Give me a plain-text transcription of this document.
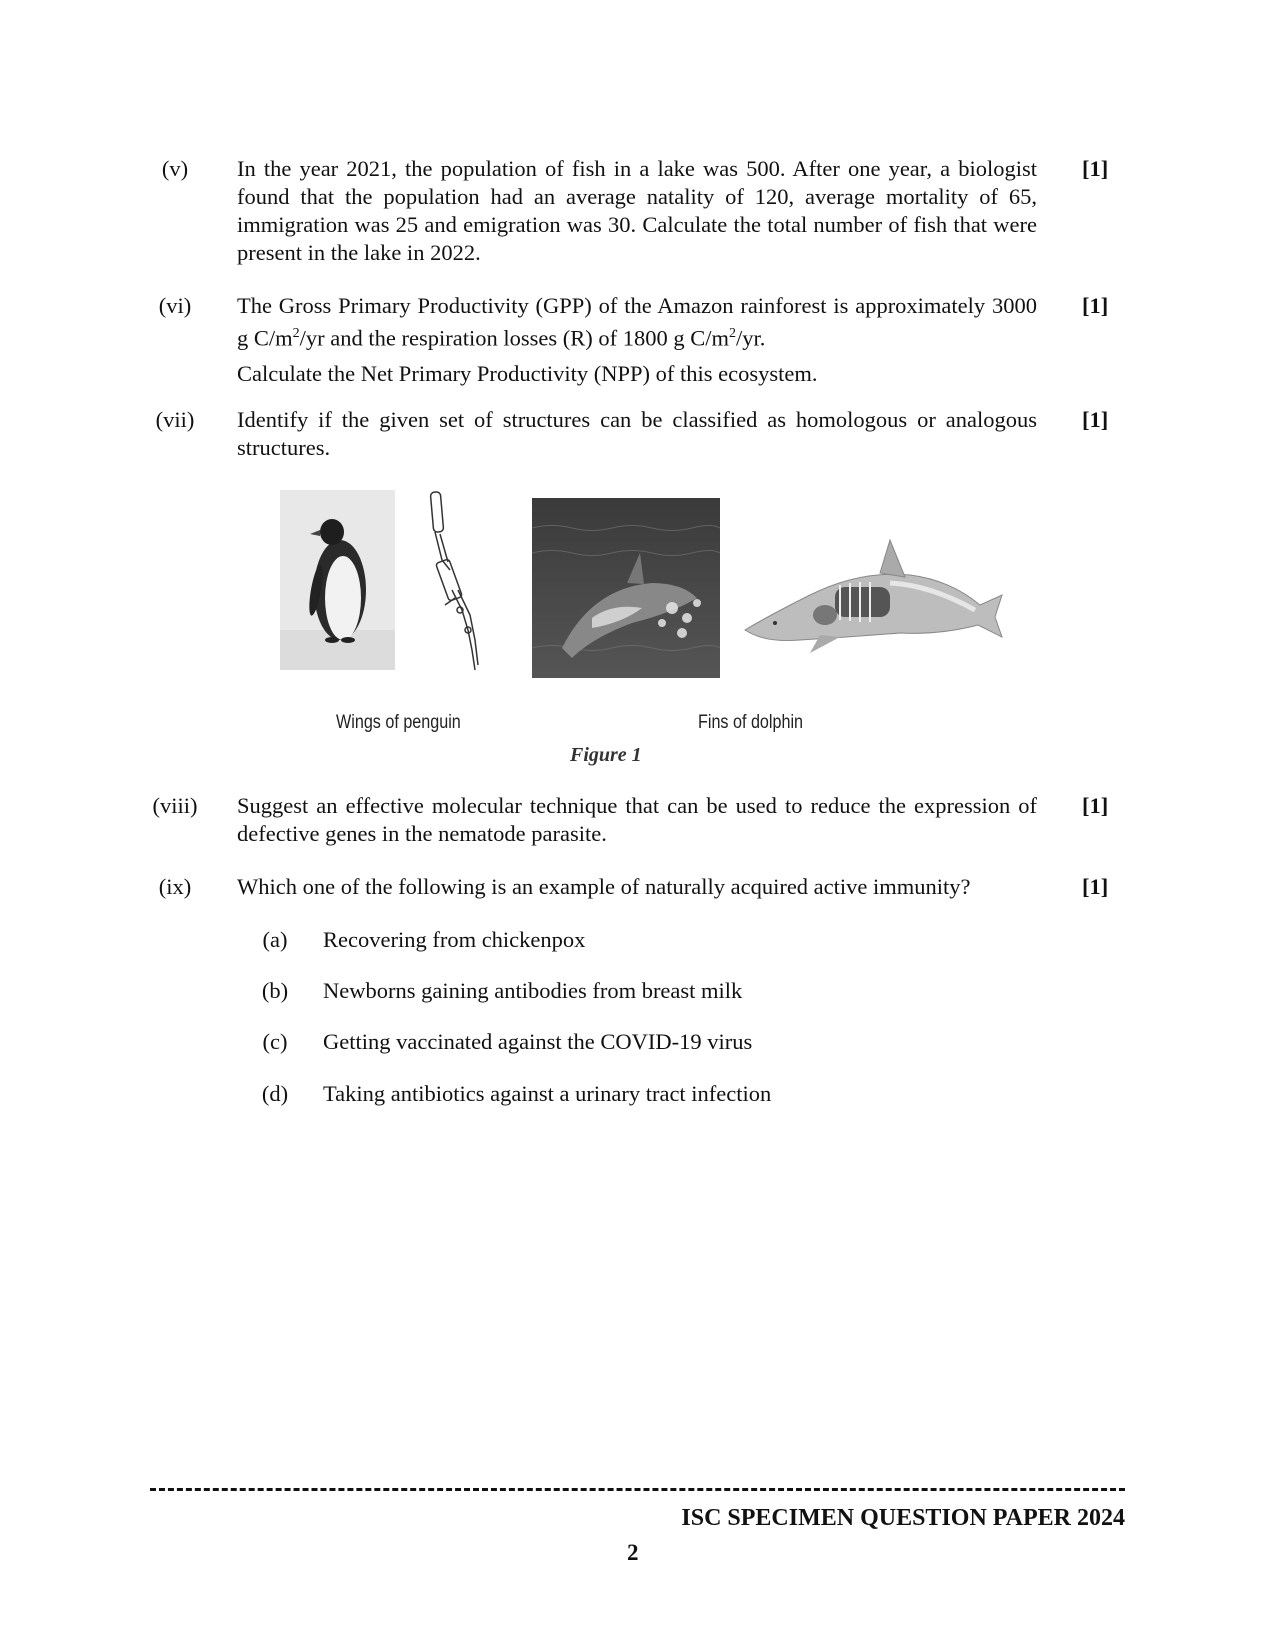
(v)	In the year 2021, the population of fish in a lake was 500. After one year, a biologist found that the population had an average natality of 120, average mortality of 65, immigration was 25 and emigration was 30. Calculate the total number of fish that were present in the lake in 2022.
[1]
(vi)	The Gross Primary Productivity (GPP) of the Amazon rainforest is approximately 3000 g $C/m^2/yr$ and the respiration losses (R) of 1800 g $C/m^2/yr$.
Calculate the Net Primary Productivity (NPP) of this ecosystem.
[1]
(vii)	Identify if the given set of structures can be classified as homologous or analogous structures.
[1]
Wings of penguin	Fins of dolphin
Figure 1
(viii)	Suggest an effective molecular technique that can be used to reduce the expression of defective genes in the nematode parasite.
[1]
(ix)	Which one of the following is an example of naturally acquired active immunity?	[1]
(a)	Recovering from chickenpox
(b)	Newborns gaining antibodies from breast milk
(c)	Getting vaccinated against the COVID-19 virus
(d)	Taking antibiotics against a urinary tract infection
ISC SPECIMEN QUESTION PAPER 2024
2
